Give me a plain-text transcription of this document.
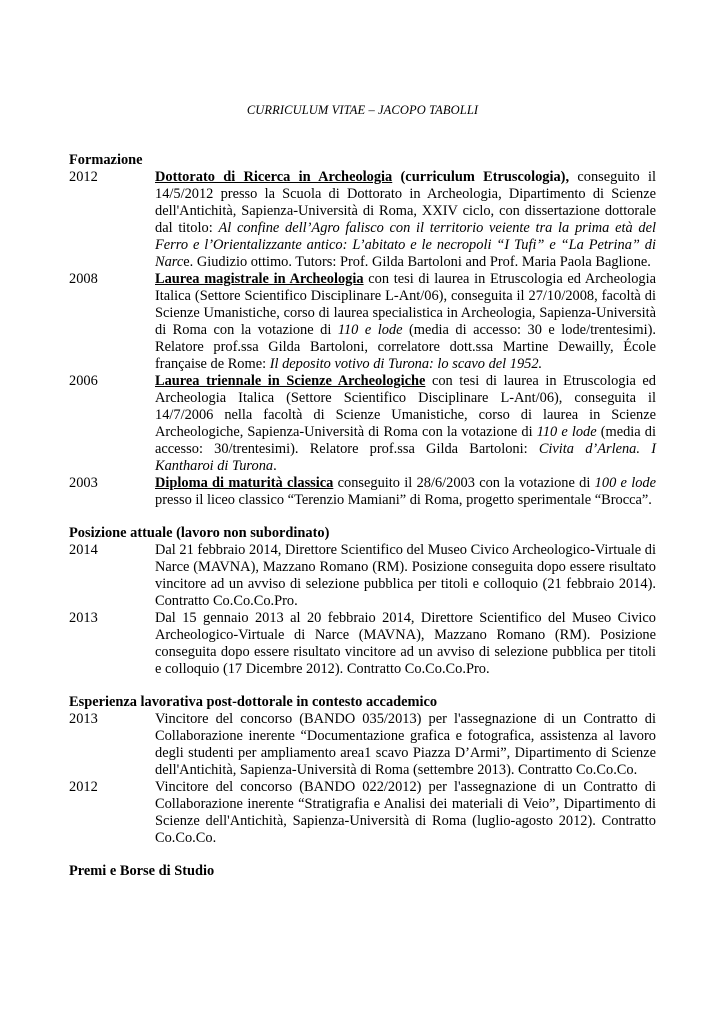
CURRICULUM VITAE – JACOPO TABOLLI
Formazione
2012	Dottorato di Ricerca in Archeologia (curriculum Etruscologia), conseguito il 14/5/2012 presso la Scuola di Dottorato in Archeologia, Dipartimento di Scienze dell'Antichità, Sapienza-Università di Roma, XXIV ciclo, con dissertazione dottorale dal titolo: Al confine dell’Agro falisco con il territorio veiente tra la prima età del Ferro e l’Orientalizzante antico: L’abitato e le necropoli “I Tufi” e “La Petrina” di Narce. Giudizio ottimo. Tutors: Prof. Gilda Bartoloni and Prof. Maria Paola Baglione.
2008	Laurea magistrale in Archeologia con tesi di laurea in Etruscologia ed Archeologia Italica (Settore Scientifico Disciplinare L-Ant/06), conseguita il 27/10/2008, facoltà di Scienze Umanistiche, corso di laurea specialistica in Archeologia, Sapienza-Università di Roma con la votazione di 110 e lode (media di accesso: 30 e lode/trentesimi). Relatore prof.ssa Gilda Bartoloni, correlatore dott.ssa Martine Dewailly, École française de Rome: Il deposito votivo di Turona: lo scavo del 1952.
2006	Laurea triennale in Scienze Archeologiche con tesi di laurea in Etruscologia ed Archeologia Italica (Settore Scientifico Disciplinare L-Ant/06), conseguita il 14/7/2006 nella facoltà di Scienze Umanistiche, corso di laurea in Scienze Archeologiche, Sapienza-Università di Roma con la votazione di 110 e lode (media di accesso: 30/trentesimi). Relatore prof.ssa Gilda Bartoloni: Civita d’Arlena. I Kantharoi di Turona.
2003	Diploma di maturità classica conseguito il 28/6/2003 con la votazione di 100 e lode presso il liceo classico “Terenzio Mamiani” di Roma, progetto sperimentale “Brocca”.
Posizione attuale (lavoro non subordinato)
2014	Dal 21 febbraio 2014, Direttore Scientifico del Museo Civico Archeologico-Virtuale di Narce (MAVNA), Mazzano Romano (RM). Posizione conseguita dopo essere risultato vincitore ad un avviso di selezione pubblica per titoli e colloquio (21 febbraio 2014). Contratto Co.Co.Co.Pro.
2013	Dal 15 gennaio 2013 al 20 febbraio 2014, Direttore Scientifico del Museo Civico Archeologico-Virtuale di Narce (MAVNA), Mazzano Romano (RM). Posizione conseguita dopo essere risultato vincitore ad un avviso di selezione pubblica per titoli e colloquio (17 Dicembre 2012). Contratto Co.Co.Co.Pro.
Esperienza lavorativa post-dottorale in contesto accademico
2013	Vincitore del concorso (BANDO 035/2013) per l'assegnazione di un Contratto di Collaborazione inerente “Documentazione grafica e fotografica, assistenza al lavoro degli studenti per ampliamento area1 scavo Piazza D’Armi”, Dipartimento di Scienze dell'Antichità, Sapienza-Università di Roma (settembre 2013). Contratto Co.Co.Co.
2012	Vincitore del concorso (BANDO 022/2012) per l'assegnazione di un Contratto di Collaborazione inerente “Stratigrafia e Analisi dei materiali di Veio”, Dipartimento di Scienze dell'Antichità, Sapienza-Università di Roma (luglio-agosto 2012). Contratto Co.Co.Co.
Premi e Borse di Studio
